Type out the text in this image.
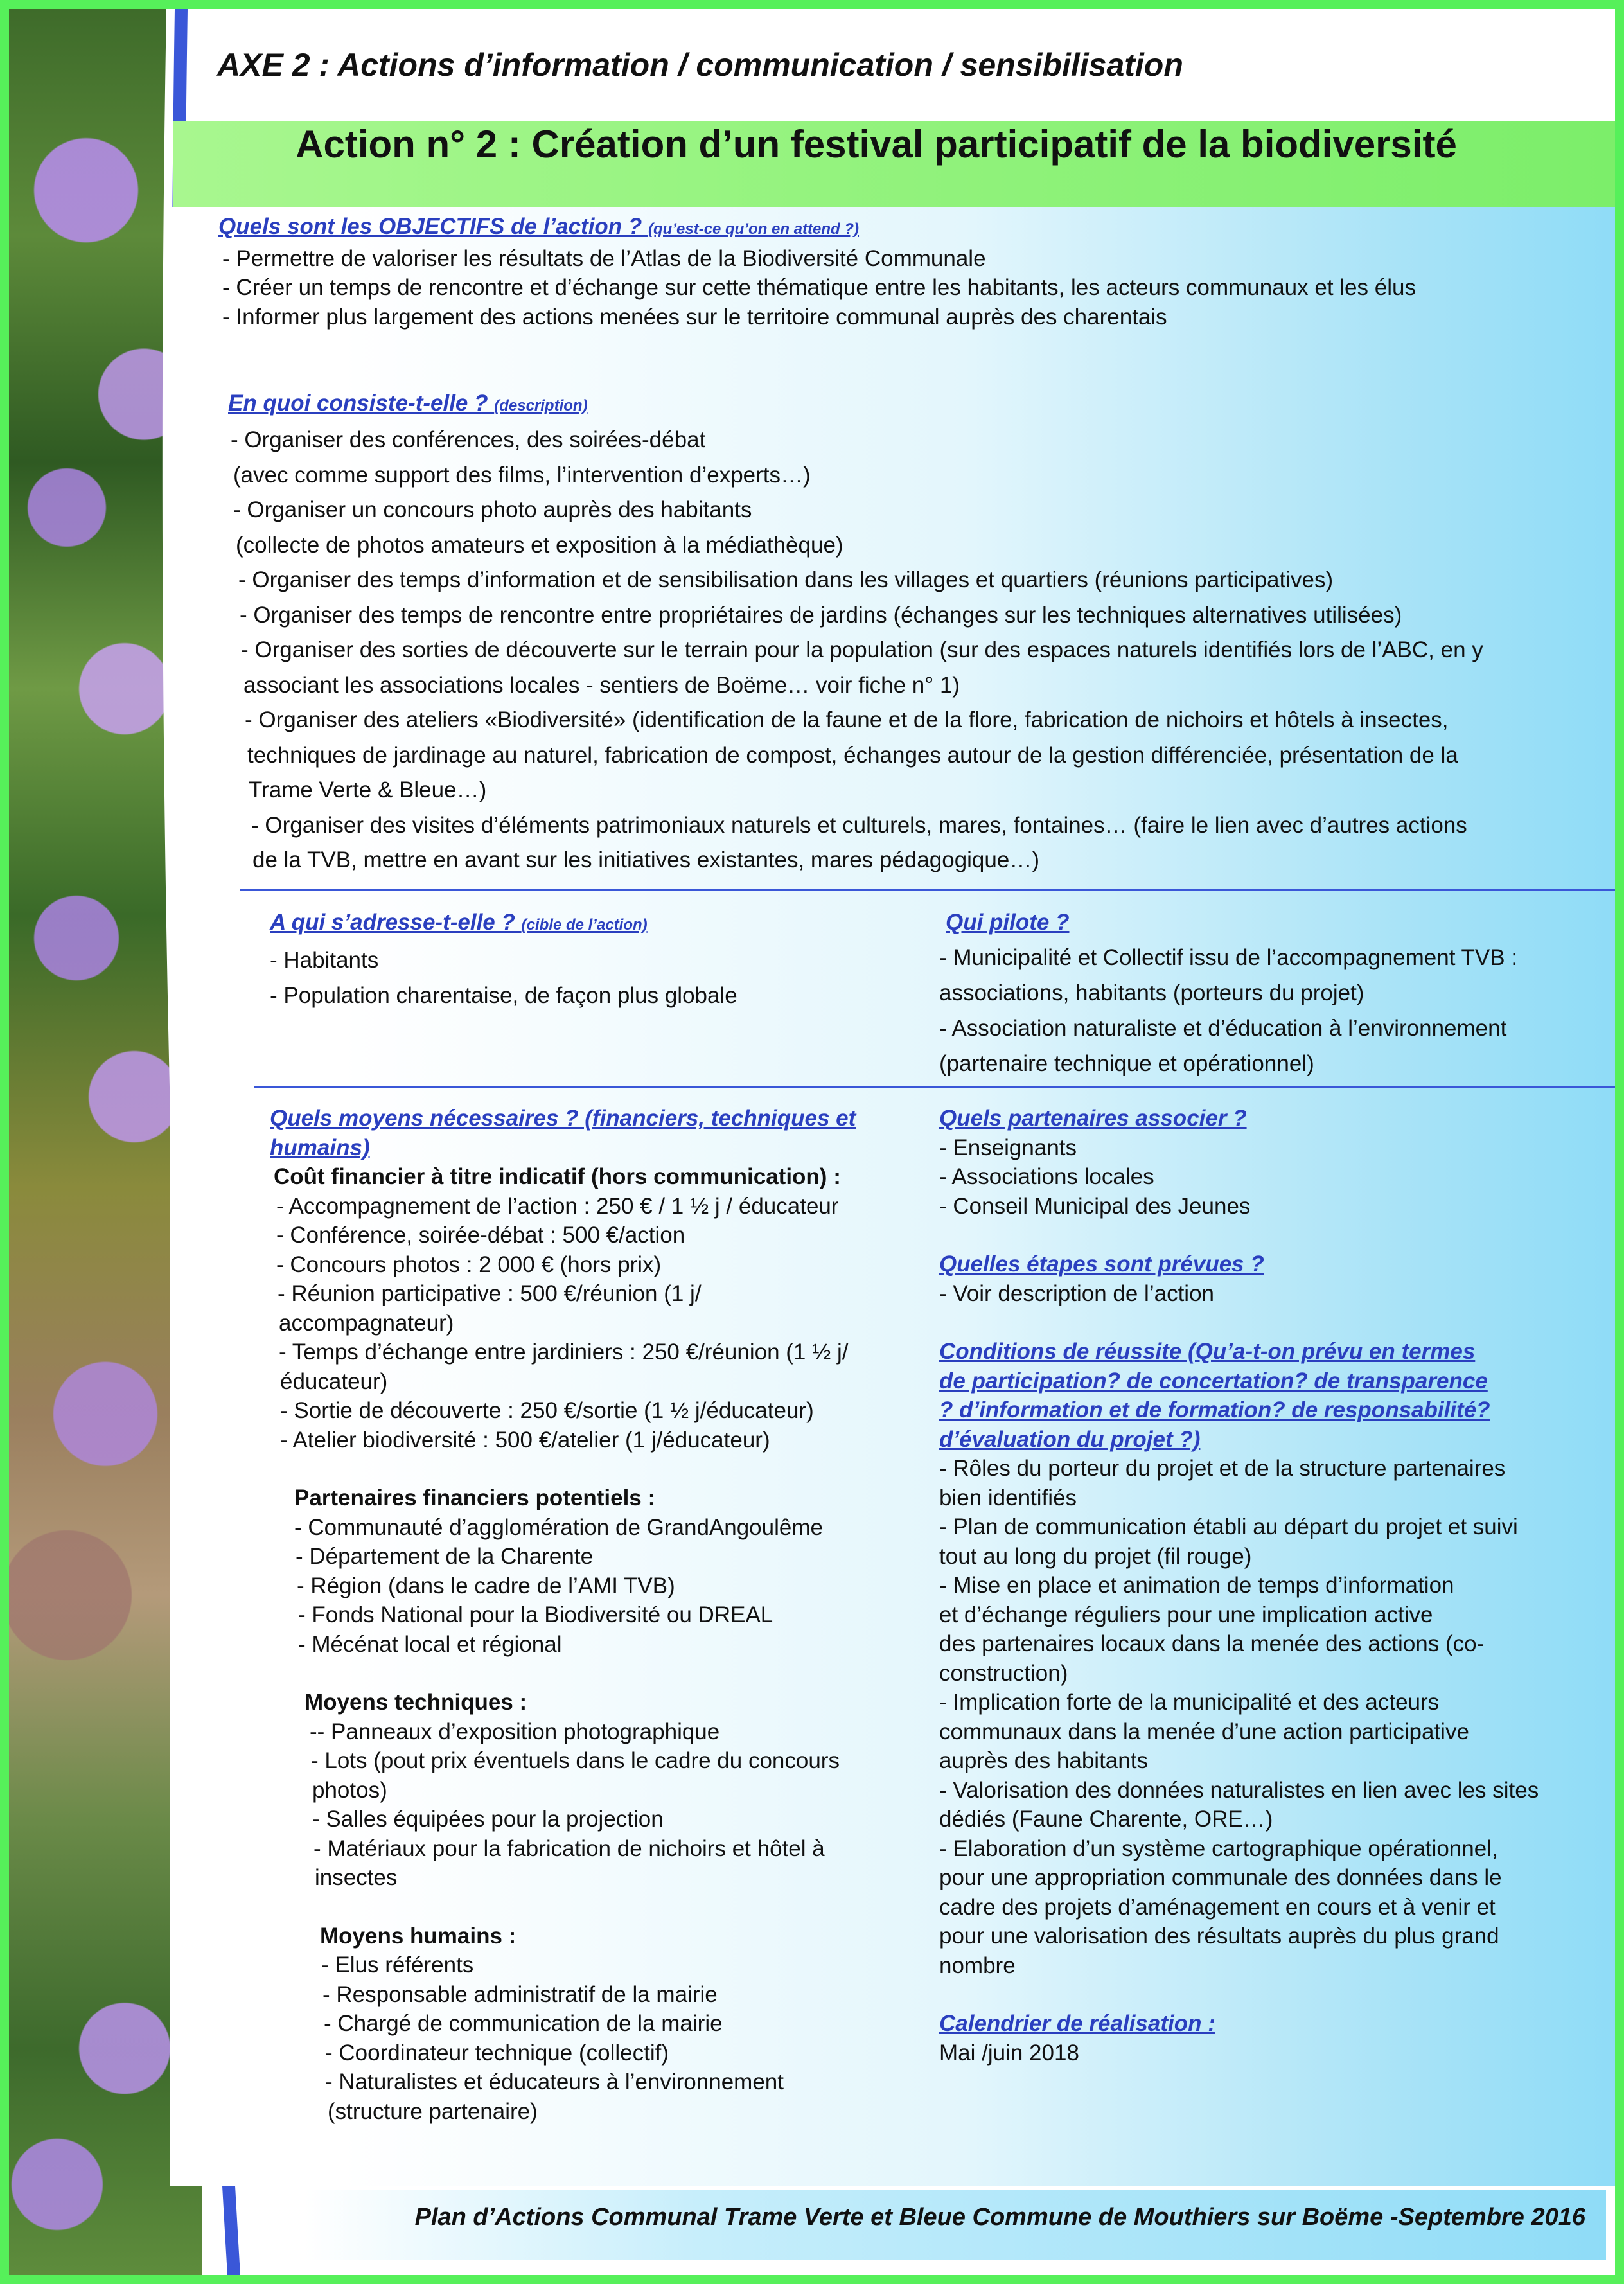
AXE 2 : Actions d’information / communication / sensibilisation
Action n° 2 : Création d’un festival participatif de la biodiversité
Quels sont les OBJECTIFS de l’action ? (qu’est-ce qu’on en attend ?)
- Permettre de valoriser les résultats de l’Atlas de la Biodiversité Communale
- Créer un temps de rencontre et d’échange sur cette thématique entre les habitants, les acteurs communaux et les élus
- Informer plus largement des actions menées sur le territoire communal auprès des charentais
En quoi consiste-t-elle ? (description)
- Organiser des conférences, des soirées-débat
(avec comme support des films, l’intervention d’experts…)
- Organiser un concours photo auprès des habitants
(collecte de photos amateurs et exposition à la médiathèque)
- Organiser des temps d’information et de sensibilisation dans les villages et quartiers (réunions participatives)
- Organiser des temps de rencontre entre propriétaires de jardins (échanges sur les techniques alternatives utilisées)
- Organiser des sorties de découverte sur le terrain pour la population (sur des espaces naturels identifiés lors de l’ABC, en y
associant les associations locales - sentiers de Boëme… voir fiche n° 1)
- Organiser des ateliers «Biodiversité» (identification de la faune et de la flore, fabrication de nichoirs et hôtels à insectes,
techniques de jardinage au naturel, fabrication de compost, échanges autour de la gestion différenciée, présentation de la
Trame Verte & Bleue…)
- Organiser des visites d’éléments patrimoniaux naturels et culturels, mares, fontaines… (faire le lien avec d’autres actions
de la TVB, mettre en avant sur les initiatives existantes, mares pédagogique…)
A qui s’adresse-t-elle ? (cible de l’action)
- Habitants
- Population charentaise, de façon plus globale
Qui pilote ?
- Municipalité et Collectif issu de l’accompagnement TVB :
associations, habitants (porteurs du projet)
- Association naturaliste et d’éducation à l’environnement
(partenaire technique et opérationnel)
Quels moyens nécessaires ? (financiers, techniques et
humains)
Coût financier à titre indicatif (hors communication) :
- Accompagnement de l’action : 250 € / 1 ½ j / éducateur
- Conférence, soirée-débat : 500 €/action
- Concours photos : 2 000 € (hors prix)
- Réunion participative : 500 €/réunion (1 j/
accompagnateur)
- Temps d’échange entre jardiniers : 250 €/réunion (1 ½ j/
éducateur)
- Sortie de découverte : 250 €/sortie (1 ½ j/éducateur)
- Atelier biodiversité : 500 €/atelier (1 j/éducateur)
Partenaires financiers potentiels :
- Communauté d’agglomération de GrandAngoulême
- Département de la Charente
- Région (dans le cadre de l’AMI TVB)
- Fonds National pour la Biodiversité ou DREAL
- Mécénat local et régional
Moyens techniques :
-- Panneaux d’exposition photographique
- Lots (pout prix éventuels dans le cadre du concours
photos)
- Salles équipées pour la projection
- Matériaux pour la fabrication de nichoirs et hôtel à
insectes
Moyens humains :
- Elus référents
- Responsable administratif de la mairie
- Chargé de communication de la mairie
- Coordinateur technique (collectif)
- Naturalistes et éducateurs à l’environnement
(structure partenaire)
Quels partenaires associer ?
- Enseignants
- Associations locales
- Conseil Municipal des Jeunes
Quelles étapes sont prévues ?
- Voir description de l’action
Conditions de réussite (Qu’a-t-on prévu en termes
de participation? de concertation? de transparence
? d’information et de formation? de responsabilité?
d’évaluation du projet ?)
- Rôles du porteur du projet et de la structure partenaires
bien identifiés
- Plan de communication établi au départ du projet et suivi
tout au long du projet (fil rouge)
- Mise en place et animation de temps d’information
et d’échange réguliers pour une implication active
des partenaires locaux dans la menée des actions (co-
construction)
- Implication forte de la municipalité et des acteurs
communaux dans la menée d’une action participative
auprès des habitants
- Valorisation des données naturalistes en lien avec les sites
dédiés (Faune Charente, ORE…)
- Elaboration d’un système cartographique opérationnel,
pour une appropriation communale des données dans le
cadre des projets d’aménagement en cours et à venir et
pour une valorisation des résultats auprès du plus grand
nombre
Calendrier de réalisation :
Mai /juin 2018
Plan d’Actions Communal Trame Verte et Bleue Commune de Mouthiers sur Boëme -Septembre 2016
